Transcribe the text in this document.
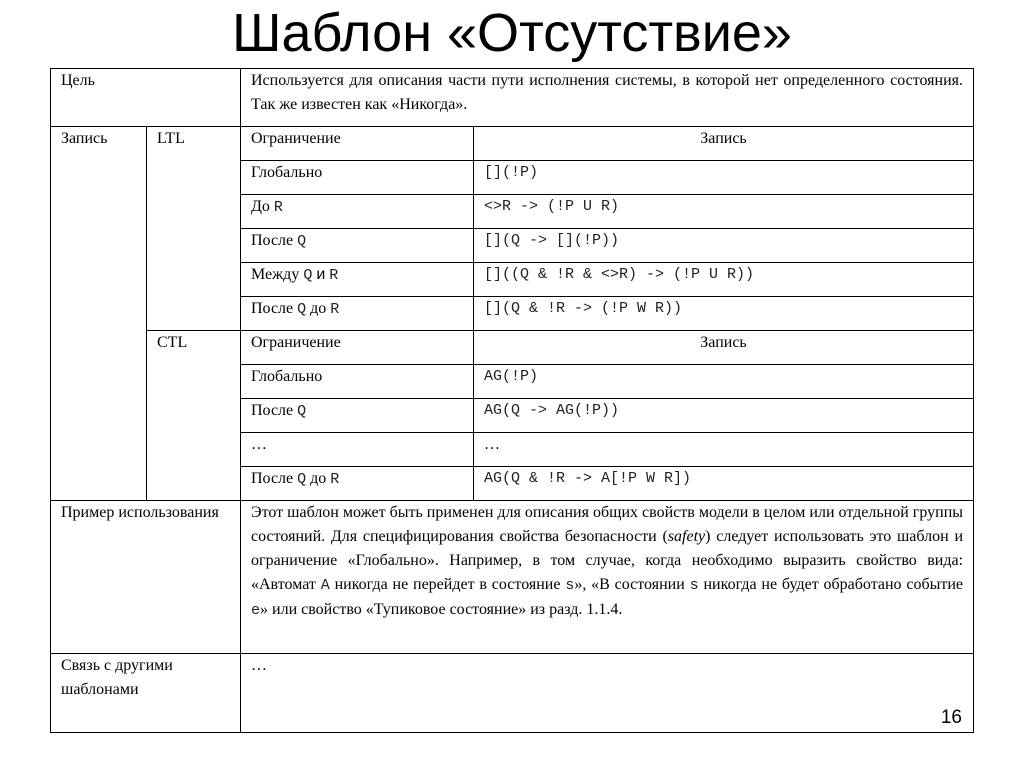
Шаблон «Отсутствие»
Цель		Используется для описания части пути исполнения системы, в которой нет определенного состояния. Так же известен как «Никогда».	
Запись	LTL	Ограничение	Запись
		Глобально	[](!P)
		До R	<>R -> (!P U R)
		После Q	[](Q -> [](!P))
		Между Q и R	[]((Q & !R & <>R) -> (!P U R))
		После Q до R	[](Q & !R -> (!P W R))
	CTL	Ограничение	Запись
		Глобально	AG(!P)
		После Q	AG(Q -> AG(!P))
		…	…
		После Q до R	AG(Q & !R -> A[!P W R])
Пример использования		Этот шаблон может быть применен для описания общих свойств модели в целом или отдельной группы состояний. Для специфицирования свойства безопасности (safety) следует использовать это шаблон и ограничение «Глобально». Например, в том случае, когда необходимо выразить свойство вида: «Автомат A никогда не перейдет в состояние s», «В состоянии s никогда не будет обработано событие e» или свойство «Тупиковое состояние» из разд. 1.1.4.	
Связь с другими шаблонами		…	
16
